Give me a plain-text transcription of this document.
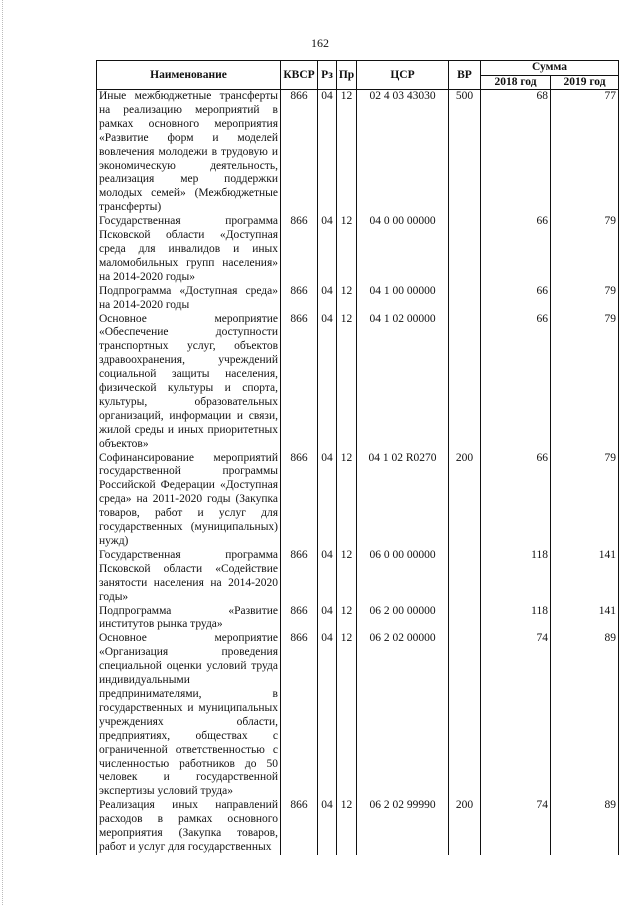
162
Наименование	КВСР	Рз	Пр	ЦСР	ВР	Сумма	
						2018 год	2019 год
Иные межбюджетные трансферты на реализацию мероприятий в рамках основного мероприятия «Развитие форм и моделей вовлечения молодежи в трудовую и экономическую деятельность, реализация мер поддержки молодых семей» (Межбюджетные трансферты)	866	04	12	02 4 03 43030	500	68	77
Государственная программа Псковской области «Доступная среда для инвалидов и иных маломобильных групп населения» на 2014-2020 годы»	866	04	12	04 0 00 00000		66	79
Подпрограмма «Доступная среда» на 2014-2020 годы	866	04	12	04 1 00 00000		66	79
Основное мероприятие «Обеспечение доступности транспортных услуг, объектов здравоохранения, учреждений социальной защиты населения, физической культуры и спорта, культуры, образовательных организаций, информации и связи, жилой среды и иных приоритетных объектов»	866	04	12	04 1 02 00000		66	79
Софинансирование мероприятий государственной программы Российской Федерации «Доступная среда» на 2011-2020 годы (Закупка товаров, работ и услуг для государственных (муниципальных) нужд)	866	04	12	04 1 02 R0270	200	66	79
Государственная программа Псковской области «Содействие занятости населения на 2014-2020 годы»	866	04	12	06 0 00 00000		118	141
Подпрограмма «Развитие институтов рынка труда»	866	04	12	06 2 00 00000		118	141
Основное мероприятие «Организация проведения специальной оценки условий труда индивидуальными предпринимателями, в государственных и муниципальных учреждениях области, предприятиях, обществах с ограниченной ответственностью с численностью работников до 50 человек и государственной экспертизы условий труда»	866	04	12	06 2 02 00000		74	89
Реализация иных направлений расходов в рамках основного мероприятия (Закупка товаров, работ и услуг для государственных	866	04	12	06 2 02 99990	200	74	89
